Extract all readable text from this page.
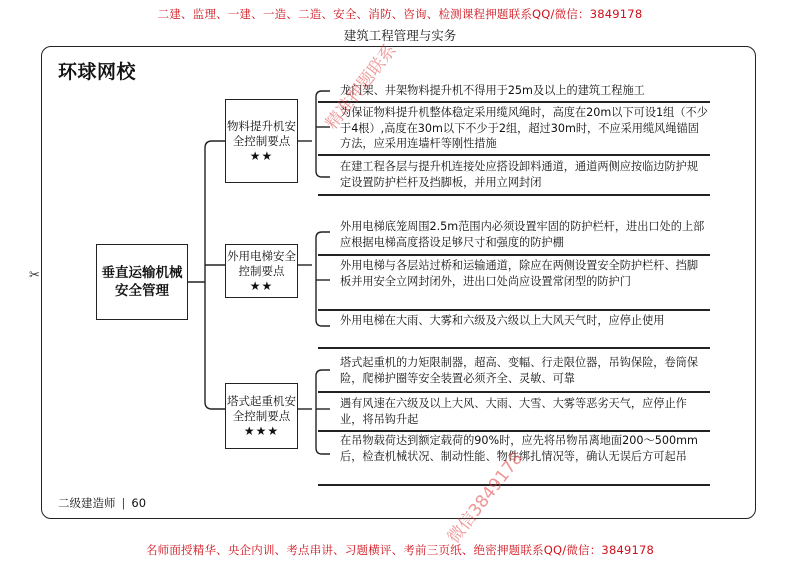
二建、监理、一建、一造、二造、安全、消防、咨询、检测课程押题联系QQ/微信：3849178
建筑工程管理与实务
名师面授精华、央企内训、考点串讲、习题横评、考前三页纸、绝密押题联系QQ/微信：3849178
环球网校
✂	垂直运输机械安全管理
物料提升机安全控制要点
★★
外用电梯安全控制要点
★★
塔式起重机安全控制要点
★★★
龙门架、井架物料提升机不得用于25m及以上的建筑工程施工
为保证物料提升机整体稳定采用缆风绳时，高度在20m以下可设1组（不少于4根）,高度在30m以下不少于2组，超过30m时，不应采用缆风绳锚固方法，应采用连墙杆等刚性措施
在建工程各层与提升机连接处应搭设卸料通道，通道两侧应按临边防护规定设置防护栏杆及挡脚板，并用立网封闭
外用电梯底笼周围2.5m范围内必须设置牢固的防护栏杆，进出口处的上部应根据电梯高度搭设足够尺寸和强度的防护棚
外用电梯与各层站过桥和运输通道，除应在两侧设置安全防护栏杆、挡脚板并用安全立网封闭外，进出口处尚应设置常闭型的防护门
外用电梯在大雨、大雾和六级及六级以上大风天气时，应停止使用
塔式起重机的力矩限制器，超高、变幅、行走限位器，吊钩保险，卷筒保险，爬梯护圈等安全装置必须齐全、灵敏、可靠
遇有风速在六级及以上大风、大雨、大雪、大雾等恶劣天气，应停止作业，将吊钩升起
在吊物载荷达到额定载荷的90%时，应先将吊物吊离地面200～500mm后，检查机械状况、制动性能、物件绑扎情况等，确认无误后方可起吊
二级建造师 | 60
精准押题联系
微信3849178
